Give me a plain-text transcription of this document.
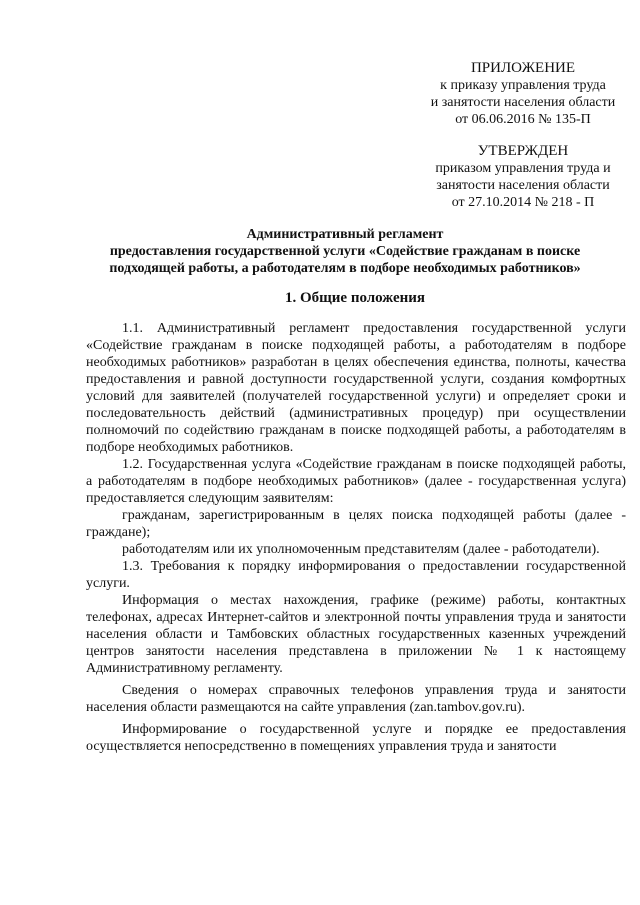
ПРИЛОЖЕНИЕ
к приказу управления труда
и занятости населения области
от 06.06.2016 № 135-П
УТВЕРЖДЕН
приказом управления труда и
занятости населения области
от 27.10.2014 № 218 - П
Административный регламент
предоставления государственной услуги «Содействие гражданам в поиске
подходящей работы, а работодателям в подборе необходимых работников»
1. Общие положения

1.1. Административный регламент предоставления государственной услуги «Содействие гражданам в поиске подходящей работы, а работодателям в подборе необходимых работников» разработан в целях обеспечения единства, полноты, качества предоставления и равной доступности государственной услуги, создания комфортных условий для заявителей (получателей государственной услуги) и определяет сроки и последовательность действий (административных процедур) при осуществлении полномочий по содействию гражданам в поиске подходящей работы, а работодателям в подборе необходимых работников.

1.2. Государственная услуга «Содействие гражданам в поиске подходящей работы, а работодателям в подборе необходимых работников» (далее - государственная услуга) предоставляется следующим заявителям:

гражданам, зарегистрированным в целях поиска подходящей работы (далее - граждане);

работодателям или их уполномоченным представителям (далее - работодатели).

1.3. Требования к порядку информирования о предоставлении государственной услуги.

Информация о местах нахождения, графике (режиме) работы, контактных телефонах, адресах Интернет-сайтов и электронной почты управления труда и занятости населения области и Тамбовских областных государственных казенных учреждений центров занятости населения представлена в приложении № 1 к настоящему Административному регламенту.

Сведения о номерах справочных телефонов управления труда и занятости населения области размещаются на сайте управления (zan.tambov.gov.ru).

Информирование о государственной услуге и порядке ее предоставления осуществляется непосредственно в помещениях управления труда и занятости
